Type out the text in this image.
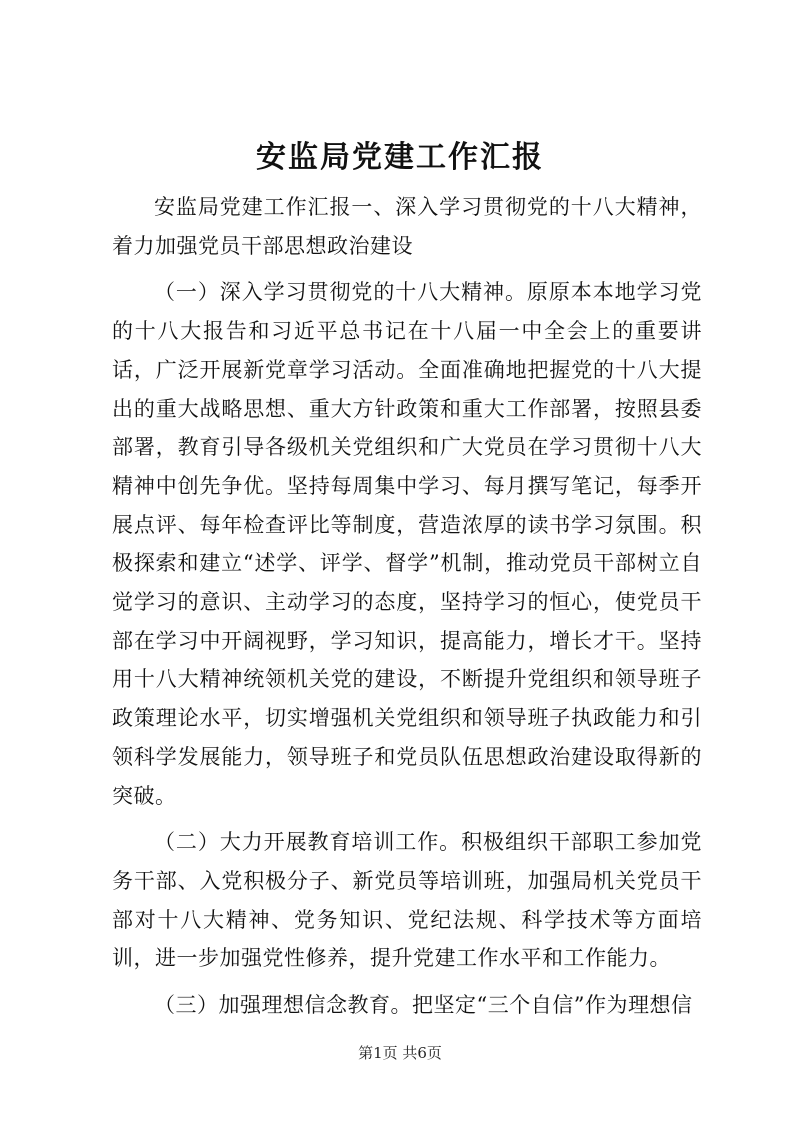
安监局党建工作汇报

安监局党建工作汇报一、深入学习贯彻党的十八大精神，着力加强党员干部思想政治建设

（一）深入学习贯彻党的十八大精神。原原本本地学习党的十八大报告和习近平总书记在十八届一中全会上的重要讲话，广泛开展新党章学习活动。全面准确地把握党的十八大提出的重大战略思想、重大方针政策和重大工作部署，按照县委部署，教育引导各级机关党组织和广大党员在学习贯彻十八大精神中创先争优。坚持每周集中学习、每月撰写笔记，每季开展点评、每年检查评比等制度，营造浓厚的读书学习氛围。积极探索和建立“述学、评学、督学”机制，推动党员干部树立自觉学习的意识、主动学习的态度，坚持学习的恒心，使党员干部在学习中开阔视野，学习知识，提高能力，增长才干。坚持用十八大精神统领机关党的建设，不断提升党组织和领导班子政策理论水平，切实增强机关党组织和领导班子执政能力和引领科学发展能力，领导班子和党员队伍思想政治建设取得新的突破。

（二）大力开展教育培训工作。积极组织干部职工参加党务干部、入党积极分子、新党员等培训班，加强局机关党员干部对十八大精神、党务知识、党纪法规、科学技术等方面培训，进一步加强党性修养，提升党建工作水平和工作能力。

（三）加强理想信念教育。把坚定“三个自信”作为理想信

第1页 共6页
